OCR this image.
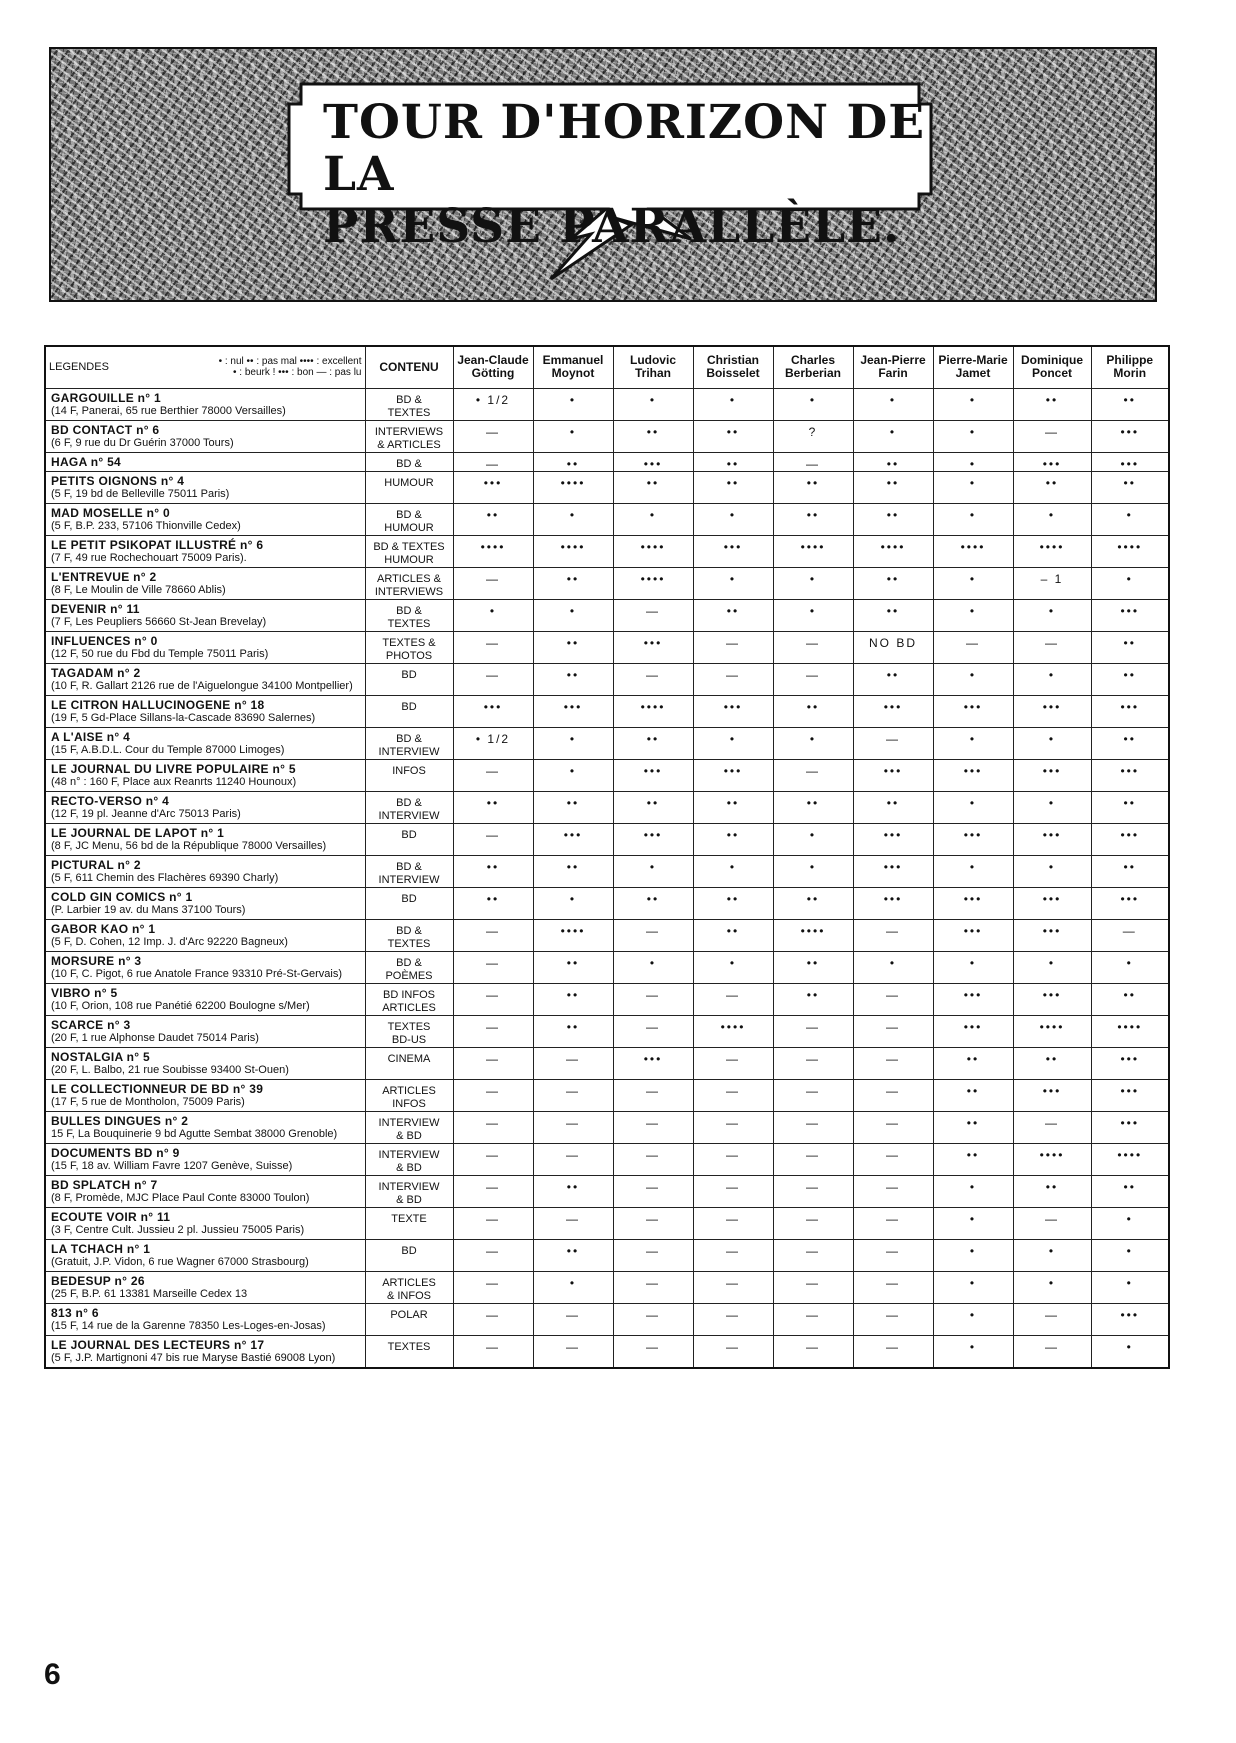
TOUR D'HORIZON DE LA
PRESSE PARALLÈLE.
LEGENDES • : nul •• : pas mal •••• : excellent
• : beurk ! ••• : bon — : pas lu	CONTENU	Jean-Claude
Götting	Emmanuel
Moynot	Ludovic
Trihan	Christian
Boisselet	Charles
Berberian	Jean-Pierre
Farin	Pierre-Marie
Jamet	Dominique
Poncet	Philippe
Morin

GARGOUILLE n° 1
(14 F, Panerai, 65 rue Berthier 78000 Versailles)	BD &
TEXTES	• 1/2	•	•	•	•	•	•	••	••

BD CONTACT n° 6
(6 F, 9 rue du Dr Guérin 37000 Tours)	INTERVIEWS
& ARTICLES	—	•	••	••	?	•	•	—	•••

HAGA n° 54	BD &	—	••	•••	••	—	••	•	•••	•••

PETITS OIGNONS n° 4
(5 F, 19 bd de Belleville 75011 Paris)	HUMOUR	•••	••••	••	••	••	••	•	••	••

MAD MOSELLE n° 0
(5 F, B.P. 233, 57106 Thionville Cedex)	BD &
HUMOUR	••	•	•	•	••	••	•	•	•

LE PETIT PSIKOPAT ILLUSTRÉ n° 6
(7 F, 49 rue Rochechouart 75009 Paris).	BD & TEXTES
HUMOUR	••••	••••	••••	•••	••••	••••	••••	••••	••••

L'ENTREVUE n° 2
(8 F, Le Moulin de Ville 78660 Ablis)	ARTICLES &
INTERVIEWS	—	••	••••	•	•	••	•	– 1	•

DEVENIR n° 11
(7 F, Les Peupliers 56660 St-Jean Brevelay)	BD &
TEXTES	•	•	—	••	•	••	•	•	•••

INFLUENCES n° 0
(12 F, 50 rue du Fbd du Temple 75011 Paris)	TEXTES &
PHOTOS	—	••	•••	—	—	NO BD	—	—	••

TAGADAM n° 2
(10 F, R. Gallart 2126 rue de l'Aiguelongue 34100 Montpellier)	BD	—	••	—	—	—	••	•	•	••

LE CITRON HALLUCINOGENE n° 18
(19 F, 5 Gd-Place Sillans-la-Cascade 83690 Salernes)	BD	•••	•••	••••	•••	••	•••	•••	•••	•••

A L'AISE n° 4
(15 F, A.B.D.L. Cour du Temple 87000 Limoges)	BD &
INTERVIEW	• 1/2	•	••	•	•	—	•	•	••

LE JOURNAL DU LIVRE POPULAIRE n° 5
(48 n° : 160 F, Place aux Reanrts 11240 Hounoux)	INFOS	—	•	•••	•••	—	•••	•••	•••	•••

RECTO-VERSO n° 4
(12 F, 19 pl. Jeanne d'Arc 75013 Paris)	BD &
INTERVIEW	••	••	••	••	••	••	•	•	••

LE JOURNAL DE LAPOT n° 1
(8 F, JC Menu, 56 bd de la République 78000 Versailles)	BD	—	•••	•••	••	•	•••	•••	•••	•••

PICTURAL n° 2
(5 F, 611 Chemin des Flachères 69390 Charly)	BD &
INTERVIEW	••	••	•	•	•	•••	•	•	••

COLD GIN COMICS n° 1
(P. Larbier 19 av. du Mans 37100 Tours)	BD	••	•	••	••	••	•••	•••	•••	•••

GABOR KAO n° 1
(5 F, D. Cohen, 12 Imp. J. d'Arc 92220 Bagneux)	BD &
TEXTES	—	••••	—	••	••••	—	•••	•••	—

MORSURE n° 3
(10 F, C. Pigot, 6 rue Anatole France 93310 Pré-St-Gervais)	BD &
POÈMES	—	••	•	•	••	•	•	•	•

VIBRO n° 5
(10 F, Orion, 108 rue Panétié 62200 Boulogne s/Mer)	BD INFOS
ARTICLES	—	••	—	—	••	—	•••	•••	••

SCARCE n° 3
(20 F, 1 rue Alphonse Daudet 75014 Paris)	TEXTES
BD-US	—	••	—	••••	—	—	•••	••••	••••

NOSTALGIA n° 5
(20 F, L. Balbo, 21 rue Soubisse 93400 St-Ouen)	CINEMA	—	—	•••	—	—	—	••	••	•••

LE COLLECTIONNEUR DE BD n° 39
(17 F, 5 rue de Montholon, 75009 Paris)	ARTICLES
INFOS	—	—	—	—	—	—	••	•••	•••

BULLES DINGUES n° 2
15 F, La Bouquinerie 9 bd Agutte Sembat 38000 Grenoble)	INTERVIEW
& BD	—	—	—	—	—	—	••	—	•••

DOCUMENTS BD n° 9
(15 F, 18 av. William Favre 1207 Genève, Suisse)	INTERVIEW
& BD	—	—	—	—	—	—	••	••••	••••

BD SPLATCH n° 7
(8 F, Promède, MJC Place Paul Conte 83000 Toulon)	INTERVIEW
& BD	—	••	—	—	—	—	•	••	••

ECOUTE VOIR n° 11
(3 F, Centre Cult. Jussieu 2 pl. Jussieu 75005 Paris)	TEXTE	—	—	—	—	—	—	•	—	•

LA TCHACH n° 1
(Gratuit, J.P. Vidon, 6 rue Wagner 67000 Strasbourg)	BD	—	••	—	—	—	—	•	•	•

BEDESUP n° 26
(25 F, B.P. 61 13381 Marseille Cedex 13	ARTICLES
& INFOS	—	•	—	—	—	—	•	•	•

813 n° 6
(15 F, 14 rue de la Garenne 78350 Les-Loges-en-Josas)	POLAR	—	—	—	—	—	—	•	—	•••

LE JOURNAL DES LECTEURS n° 17
(5 F, J.P. Martignoni 47 bis rue Maryse Bastié 69008 Lyon)	TEXTES	—	—	—	—	—	—	•	—	•
6
